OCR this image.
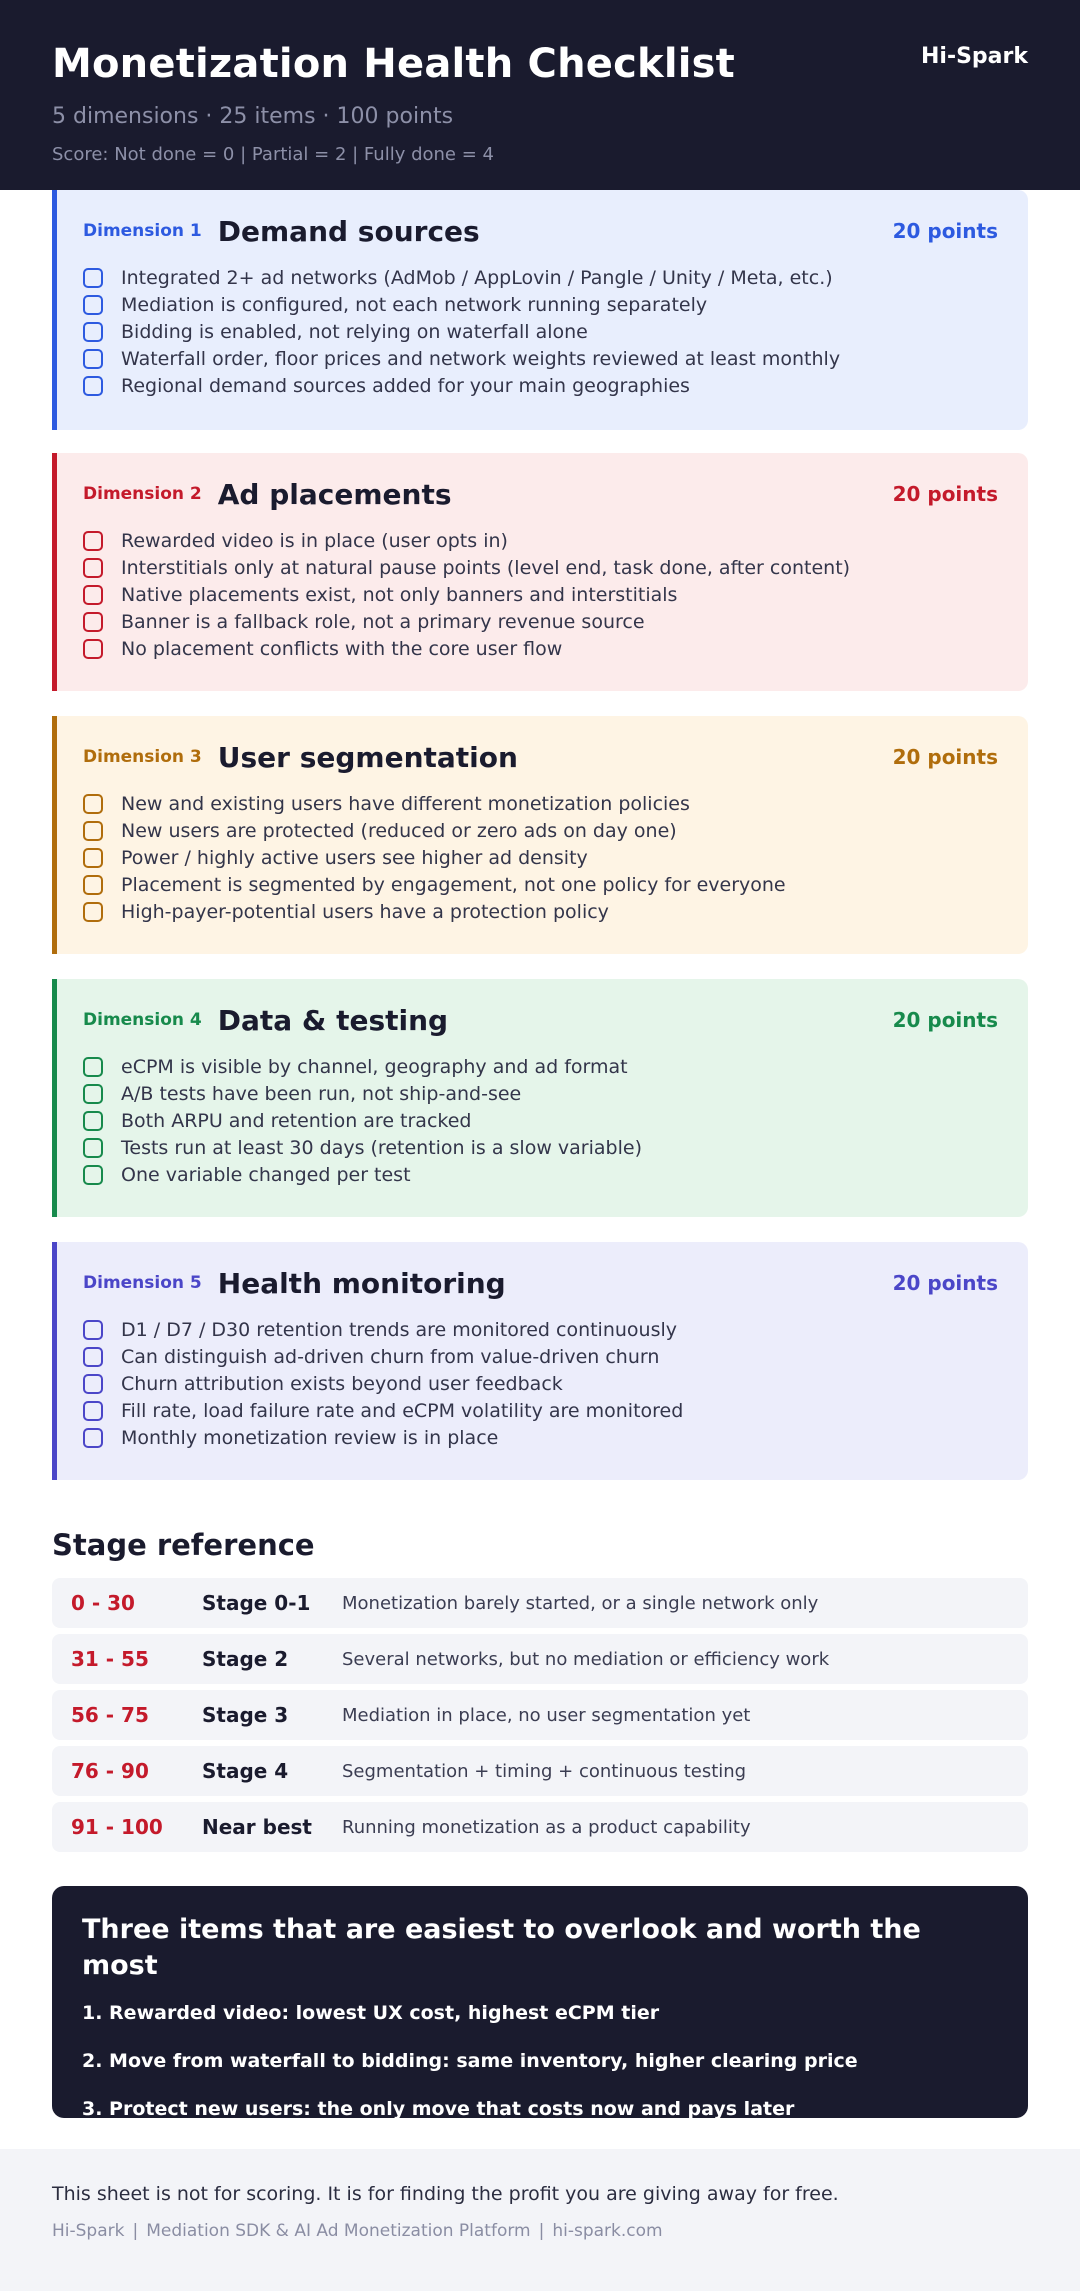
Monetization Health Checklist	Hi-Spark
5 dimensions · 25 items · 100 points
Score: Not done = 0 | Partial = 2 | Fully done = 4
Dimension 1 Demand sources	20 points
Integrated 2+ ad networks (AdMob / AppLovin / Pangle / Unity / Meta, etc.)
Mediation is configured, not each network running separately
Bidding is enabled, not relying on waterfall alone
Waterfall order, floor prices and network weights reviewed at least monthly
Regional demand sources added for your main geographies
Dimension 2 Ad placements	20 points
Rewarded video is in place (user opts in)
Interstitials only at natural pause points (level end, task done, after content)
Native placements exist, not only banners and interstitials
Banner is a fallback role, not a primary revenue source
No placement conflicts with the core user flow
Dimension 3 User segmentation	20 points
New and existing users have different monetization policies
New users are protected (reduced or zero ads on day one)
Power / highly active users see higher ad density
Placement is segmented by engagement, not one policy for everyone
High-payer-potential users have a protection policy
Dimension 4 Data & testing	20 points
eCPM is visible by channel, geography and ad format
A/B tests have been run, not ship-and-see
Both ARPU and retention are tracked
Tests run at least 30 days (retention is a slow variable)
One variable changed per test
Dimension 5 Health monitoring	20 points
D1 / D7 / D30 retention trends are monitored continuously
Can distinguish ad-driven churn from value-driven churn
Churn attribution exists beyond user feedback
Fill rate, load failure rate and eCPM volatility are monitored
Monthly monetization review is in place
Stage reference
0 - 30	Stage 0-1	Monetization barely started, or a single network only
31 - 55	Stage 2	Several networks, but no mediation or efficiency work
56 - 75	Stage 3	Mediation in place, no user segmentation yet
76 - 90	Stage 4	Segmentation + timing + continuous testing
91 - 100	Near best	Running monetization as a product capability
Three items that are easiest to overlook and worth the most
1. Rewarded video: lowest UX cost, highest eCPM tier
2. Move from waterfall to bidding: same inventory, higher clearing price
3. Protect new users: the only move that costs now and pays later
This sheet is not for scoring. It is for finding the profit you are giving away for free.
Hi-Spark | Mediation SDK & AI Ad Monetization Platform | hi-spark.com
